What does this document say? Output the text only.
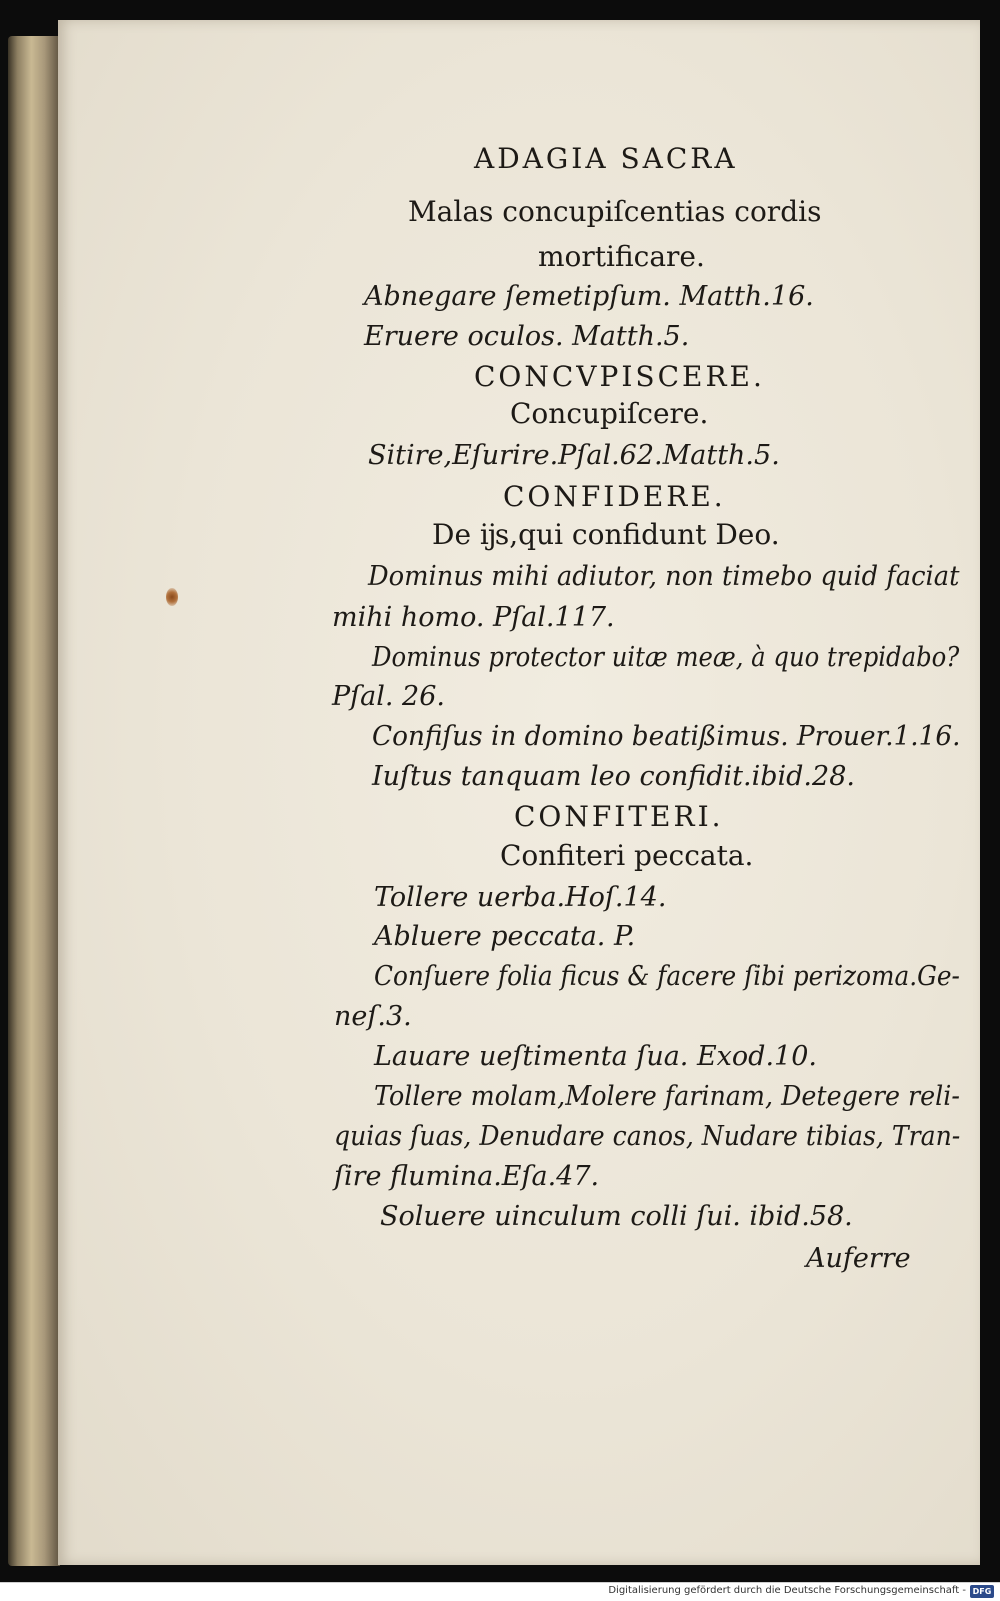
ADAGIA SACRA
Malas concupiſcentias cordis
mortificare.
Abnegare ſemetipſum. Matth.16.
Eruere oculos. Matth.5.
CONCVPISCERE.
Concupiſcere.
Sitire,Eſurire.Pſal.62.Matth.5.
CONFIDERE.
De ĳs,qui confidunt Deo.
Dominus mihi adiutor, non timebo quid faciat
mihi homo. Pſal.117.
Dominus protector uitæ meæ, à quo trepidabo?
Pſal. 26.
Confiſus in domino beatißimus. Prouer.1.16.
Iuſtus tanquam leo confidit.ibid.28.
CONFITERI.
Confiteri peccata.
Tollere uerba.Hoſ.14.
Abluere peccata. P.
Conſuere folia ficus & facere ſibi perizoma.Ge-
neſ.3.
Lauare ueſtimenta ſua. Exod.10.
Tollere molam,Molere farinam, Detegere reli-
quias ſuas, Denudare canos, Nudare tibias, Tran-
ſire flumina.Eſa.47.
Soluere uinculum colli ſui. ibid.58.
Auferre
Digitalisierung gefördert durch die Deutsche Forschungsgemeinschaft - DFG
